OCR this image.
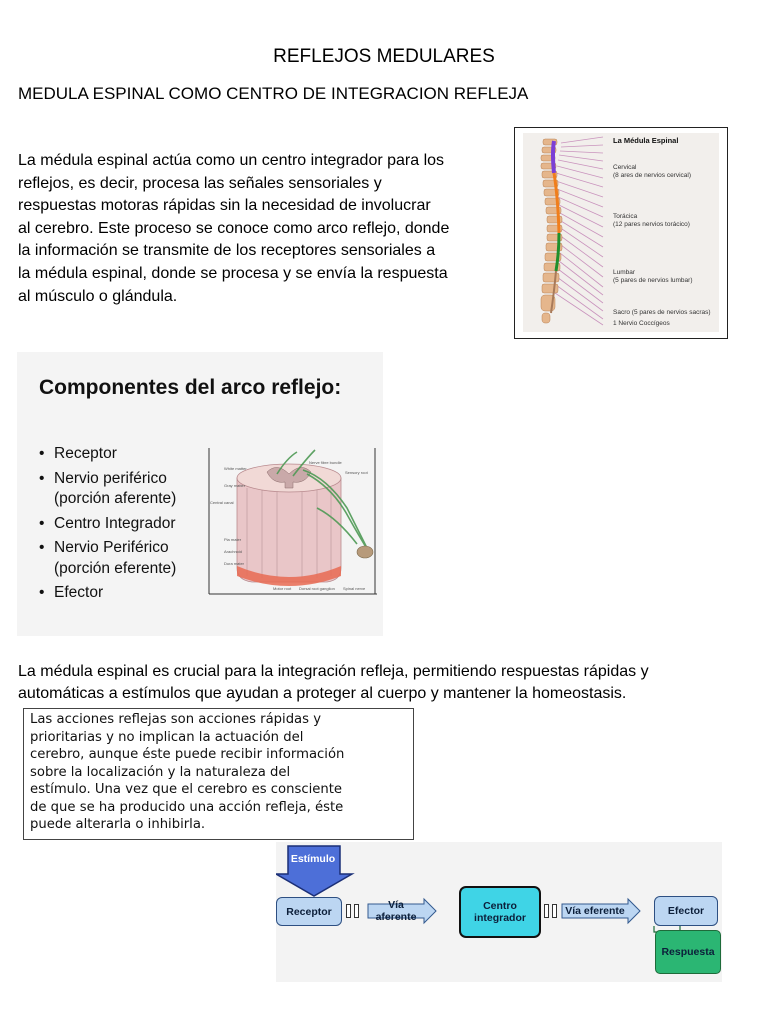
REFLEJOS MEDULARES
MEDULA ESPINAL COMO CENTRO DE INTEGRACION REFLEJA
La médula espinal actúa como un centro integrador para los
reflejos, es decir, procesa las señales sensoriales y
respuestas motoras rápidas sin la necesidad de involucrar
al cerebro. Este proceso se conoce como arco reflejo, donde
la información se transmite de los receptores sensoriales a
la médula espinal, donde se procesa y se envía la respuesta
al músculo o glándula.
La Médula Espinal
Cervical
(8 ares de nervios cervical)
Torácica
(12 pares nervios torácico)
Lumbar
(5 pares de nervios lumbar)
Sacro (5 pares de nervios sacras)
1 Nervio Coccígeos
Componentes del arco reflejo:
• Receptor
• Nervio periférico
(porción aferente)
• Centro Integrador
• Nervio Periférico
(porción eferente)
• Efector
White matter
Gray matter
Central canal
Pia mater
Arachnoid
Dura mater
Motor root Dorsal root ganglion Spinal nerve
Sensory root
Nerve fibre bundle
La médula espinal es crucial para la integración refleja, permitiendo respuestas rápidas y
automáticas a estímulos que ayudan a proteger al cuerpo y mantener la homeostasis.
Las acciones reflejas son acciones rápidas y
prioritarias y no implican la actuación del
cerebro, aunque éste puede recibir información
sobre la localización y la naturaleza del
estímulo. Una vez que el cerebro es consciente
de que se ha producido una acción refleja, éste
puede alterarla o inhibirla.
Estímulo
Receptor
Vía aferente
Centro
integrador
Vía eferente	Efector
Respuesta
